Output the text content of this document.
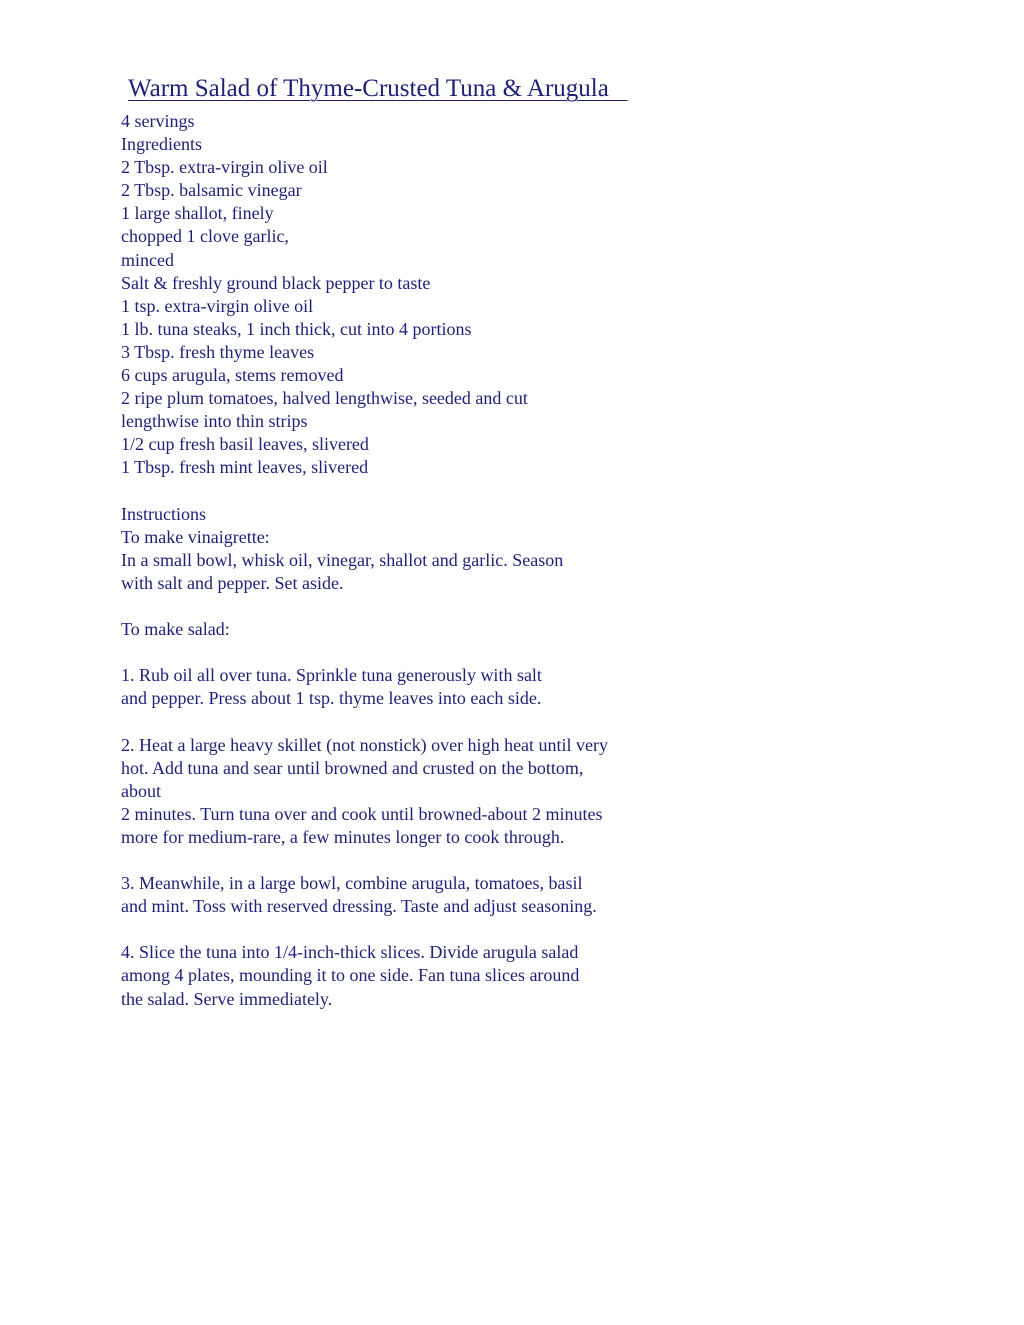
Warm Salad of Thyme-Crusted Tuna & Arugula
4 servings
Ingredients
2 Tbsp. extra-virgin olive oil
2 Tbsp. balsamic vinegar
1 large shallot, finely
chopped 1 clove garlic,
minced
Salt & freshly ground black pepper to taste
1 tsp. extra-virgin olive oil
1 lb. tuna steaks, 1 inch thick, cut into 4 portions
3 Tbsp. fresh thyme leaves
6 cups arugula, stems removed
2 ripe plum tomatoes, halved lengthwise, seeded and cut
lengthwise into thin strips
1/2 cup fresh basil leaves, slivered
1 Tbsp. fresh mint leaves, slivered
Instructions
To make vinaigrette:
In a small bowl, whisk oil, vinegar, shallot and garlic. Season
with salt and pepper. Set aside.
To make salad:
1. Rub oil all over tuna. Sprinkle tuna generously with salt
and pepper. Press about 1 tsp. thyme leaves into each side.
2. Heat a large heavy skillet (not nonstick) over high heat until very
hot. Add tuna and sear until browned and crusted on the bottom,
about
2 minutes. Turn tuna over and cook until browned-about 2 minutes
more for medium-rare, a few minutes longer to cook through.
3. Meanwhile, in a large bowl, combine arugula, tomatoes, basil
and mint. Toss with reserved dressing. Taste and adjust seasoning.
4. Slice the tuna into 1/4-inch-thick slices. Divide arugula salad
among 4 plates, mounding it to one side. Fan tuna slices around
the salad. Serve immediately.
